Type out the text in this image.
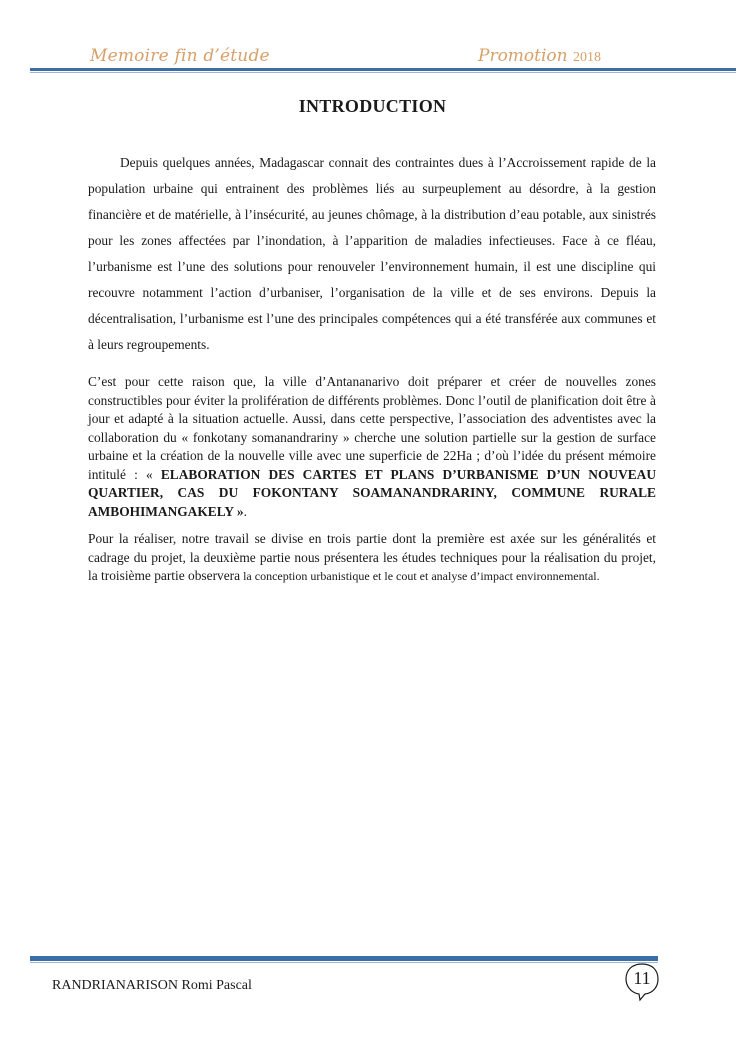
Memoire fin d’étude	Promotion 2018
INTRODUCTION
Depuis quelques années, Madagascar connait des contraintes dues à l’Accroissement rapide de la population urbaine qui entrainent des problèmes liés au surpeuplement au désordre, à la gestion financière et de matérielle, à l’insécurité, au jeunes chômage, à la distribution d’eau potable, aux sinistrés pour les zones affectées par l’inondation, à l’apparition de maladies infectieuses. Face à ce fléau, l’urbanisme est l’une des solutions pour renouveler l’environnement humain, il est une discipline qui recouvre notamment l’action d’urbaniser, l’organisation de la ville et de ses environs. Depuis la décentralisation, l’urbanisme est l’une des principales compétences qui a été transférée aux communes et à leurs regroupements.
C’est pour cette raison que, la ville d’Antananarivo doit préparer et créer de nouvelles zones constructibles pour éviter la prolifération de différents problèmes. Donc l’outil de planification doit être à jour et adapté à la situation actuelle. Aussi, dans cette perspective, l’association des adventistes avec la collaboration du « fonkotany somanandrariny » cherche une solution partielle sur la gestion de surface urbaine et la création de la nouvelle ville avec une superficie de 22Ha ; d’où l’idée du présent mémoire intitulé : « ELABORATION DES CARTES ET PLANS D’URBANISME D’UN NOUVEAU QUARTIER, CAS DU FOKONTANY SOAMANANDRARINY, COMMUNE RURALE AMBOHIMANGAKELY ».
Pour la réaliser, notre travail se divise en trois partie dont la première est axée sur les généralités et cadrage du projet, la deuxième partie nous présentera les études techniques pour la réalisation du projet, la troisième partie observera la conception urbanistique et le cout et analyse d’impact environnemental.
RANDRIANARISON Romi Pascal	11
